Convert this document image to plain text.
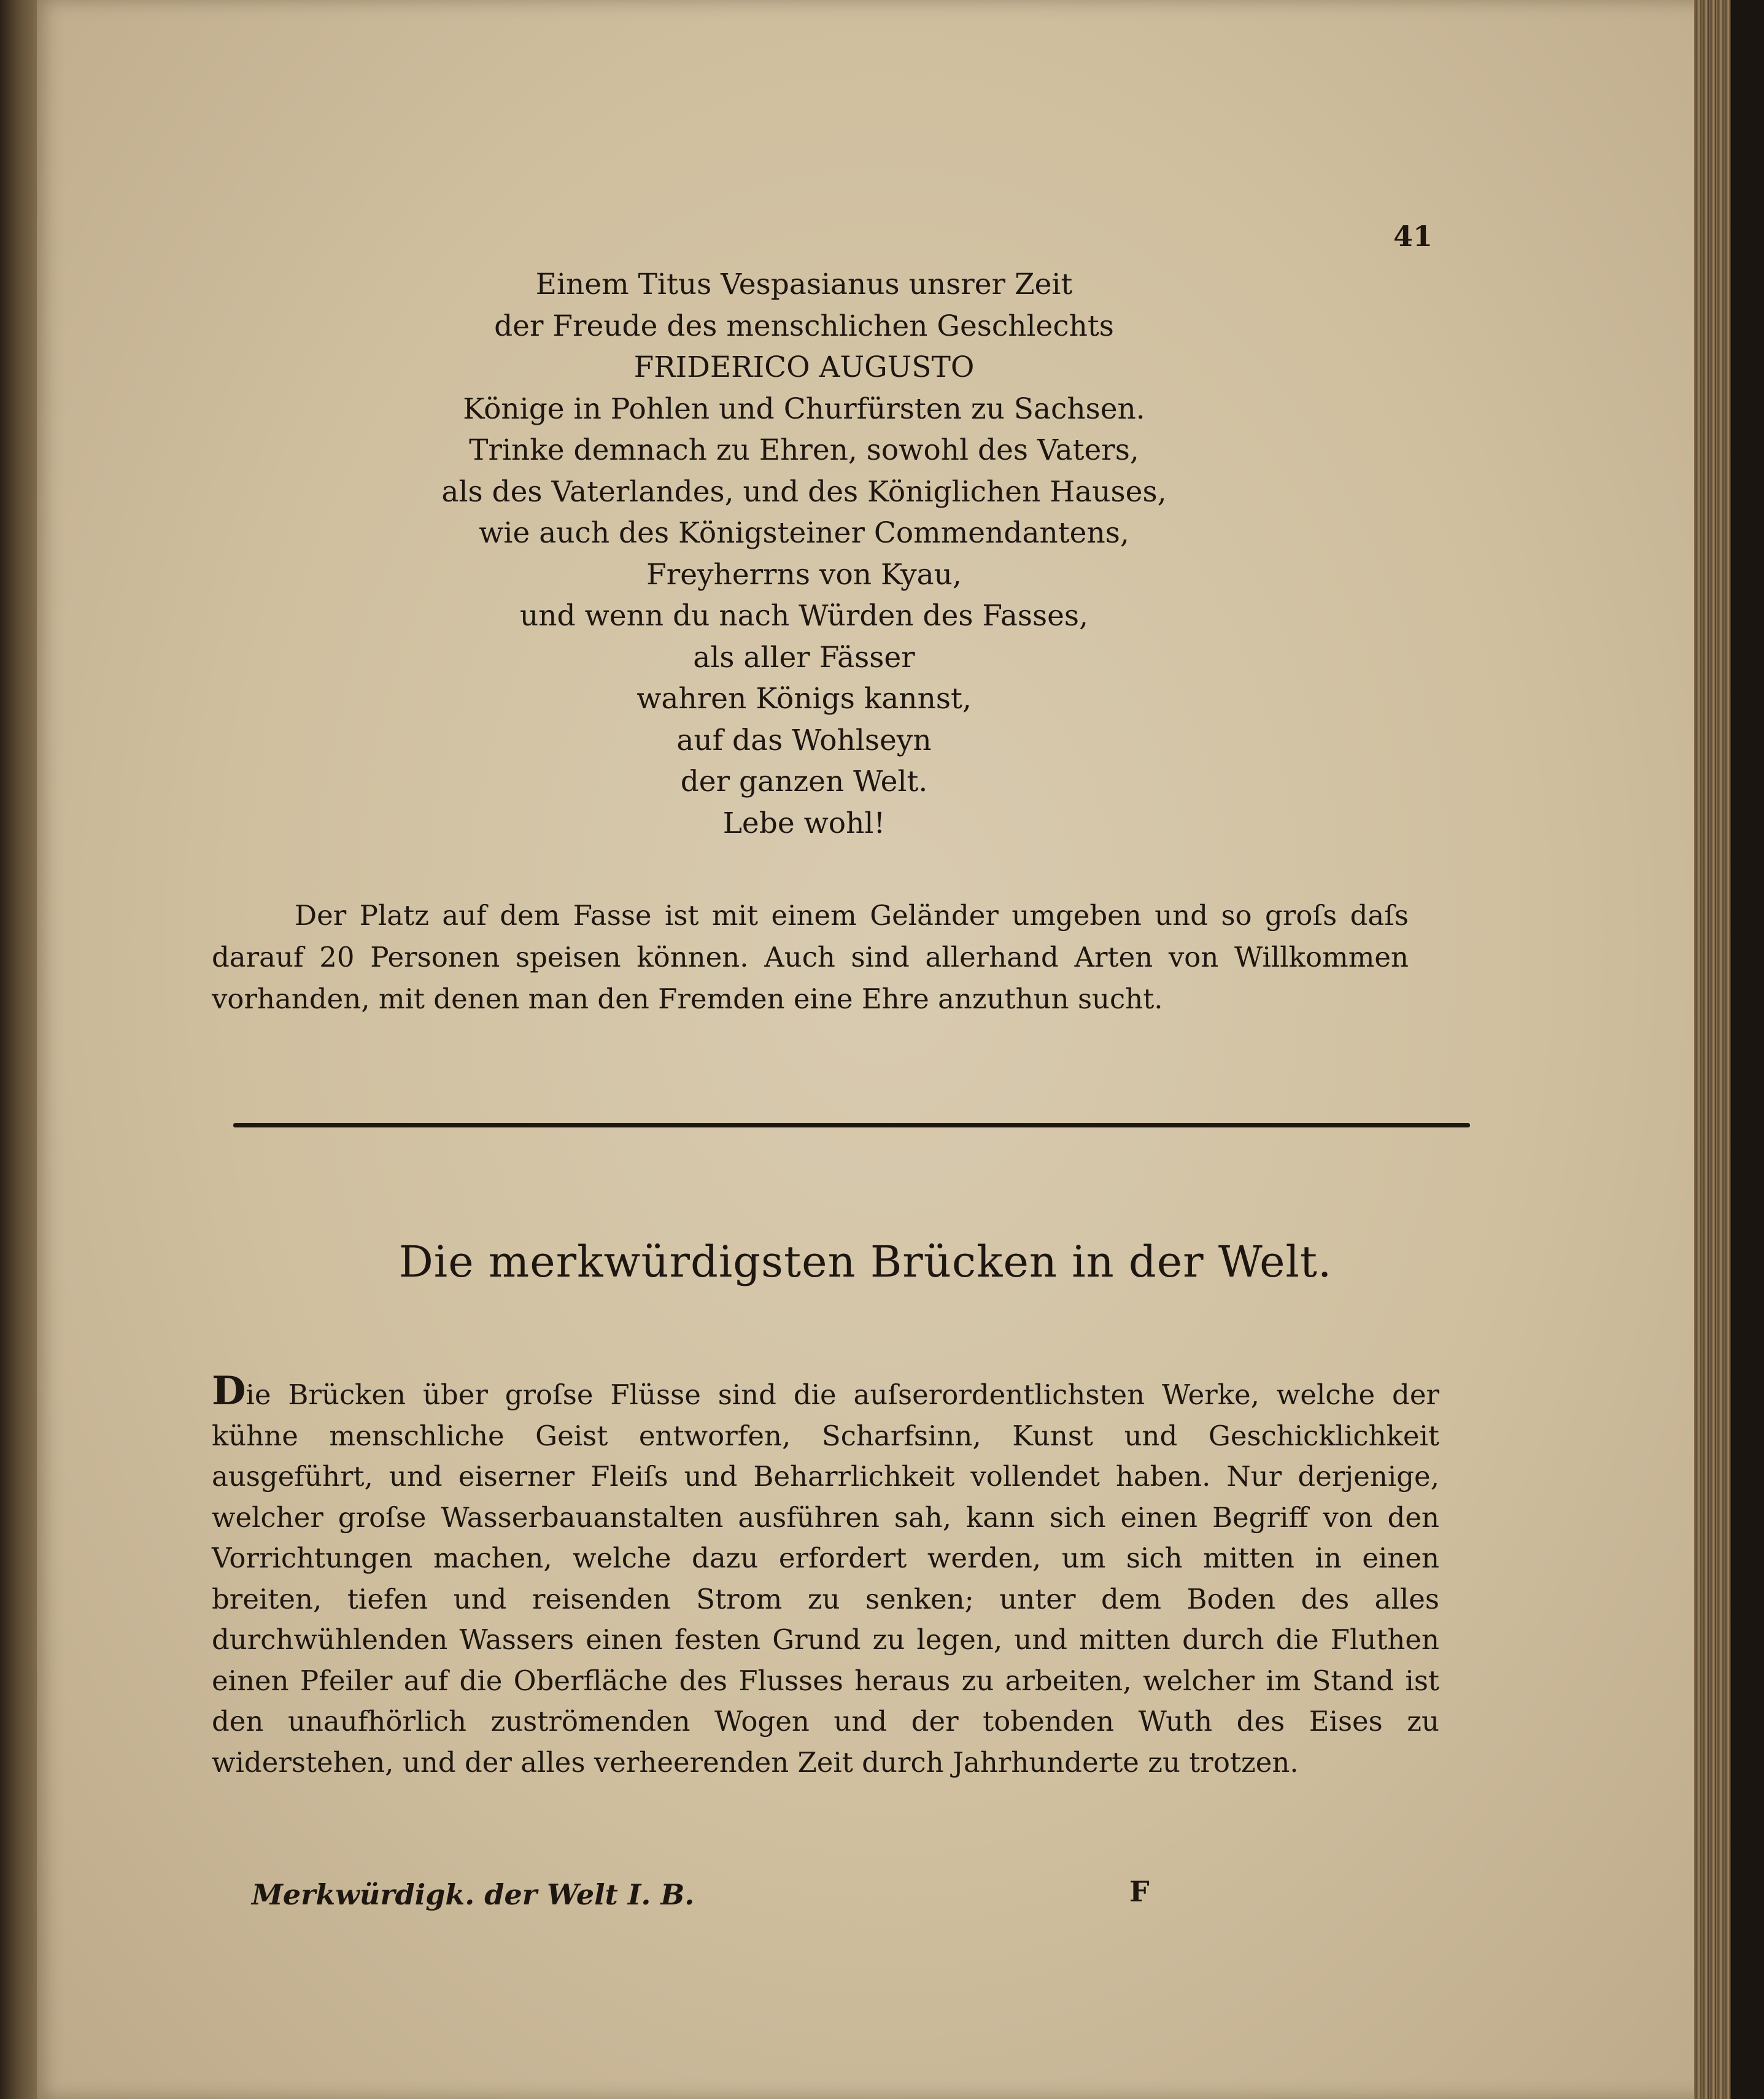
41
Einem Titus Vespasianus unsrer Zeit
der Freude des menschlichen Geschlechts
FRIDERICO AUGUSTO
Könige in Pohlen und Churfürsten zu Sachsen.
Trinke demnach zu Ehren, sowohl des Vaters,
als des Vaterlandes, und des Königlichen Hauses,
wie auch des Königsteiner Commendantens,
Freyherrns von Kyau,
und wenn du nach Würden des Fasses,
als aller Fässer
wahren Königs kannst,
auf das Wohlseyn
der ganzen Welt.
Lebe wohl!

Der Platz auf dem Fasse ist mit einem Geländer umgeben und so groſs daſs darauf 20 Personen speisen können. Auch sind allerhand Arten von Willkommen vorhanden, mit denen man den Fremden eine Ehre anzuthun sucht.

Die merkwürdigsten Brücken in der Welt.

Die Brücken über groſse Flüsse sind die auſserordentlichsten Werke, welche der kühne menschliche Geist entworfen, Scharfsinn, Kunst und Geschicklichkeit ausgeführt, und eiserner Fleiſs und Beharrlichkeit vollendet haben. Nur derjenige, welcher groſse Wasserbauanstalten ausführen sah, kann sich einen Begriff von den Vorrichtungen machen, welche dazu erfordert werden, um sich mitten in einen breiten, tiefen und reisenden Strom zu senken; unter dem Boden des alles durchwühlenden Wassers einen festen Grund zu legen, und mitten durch die Fluthen einen Pfeiler auf die Oberfläche des Flusses heraus zu arbeiten, welcher im Stand ist den unaufhörlich zuströmenden Wogen und der tobenden Wuth des Eises zu widerstehen, und der alles verheerenden Zeit durch Jahrhunderte zu trotzen.

Merkwürdigk. der Welt I. B.	F
